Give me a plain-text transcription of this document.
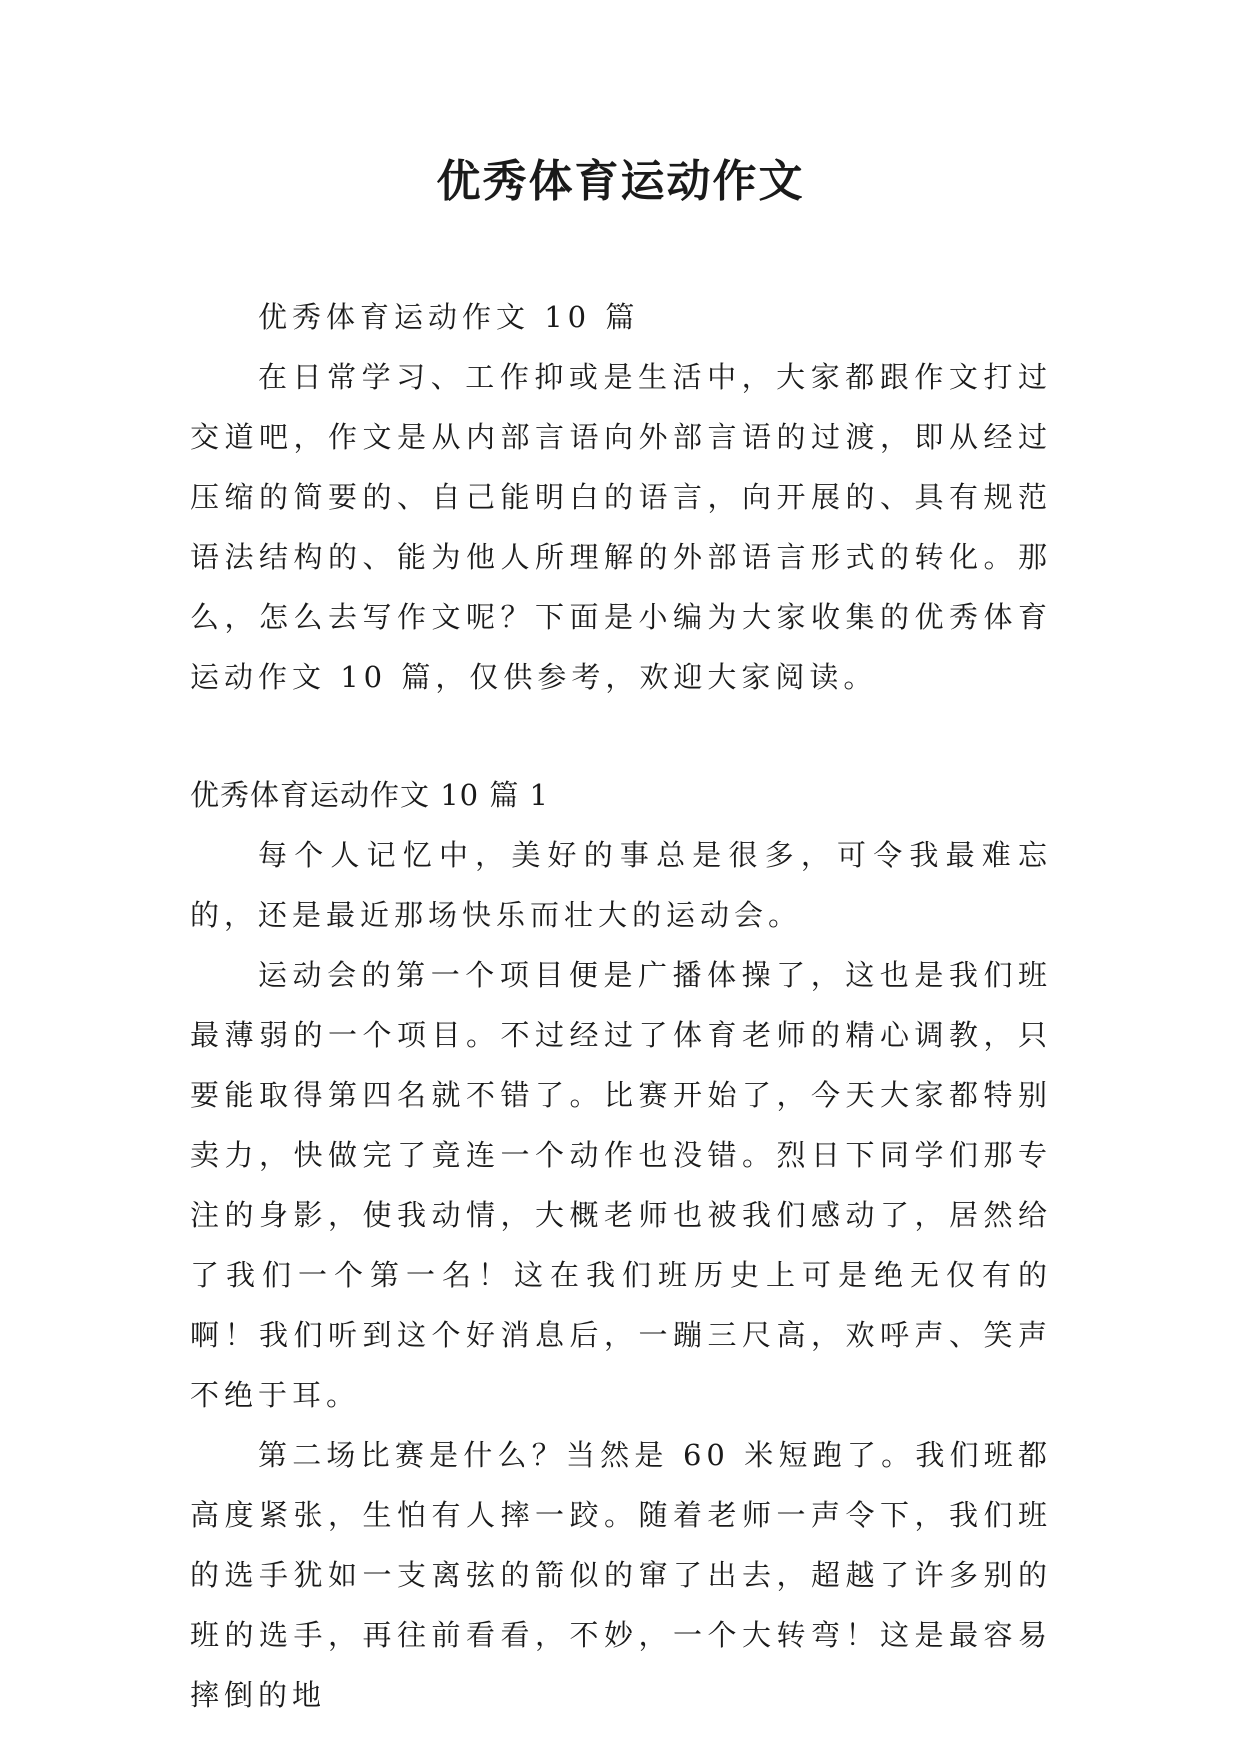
优秀体育运动作文

优秀体育运动作文 10 篇

在日常学习、工作抑或是生活中，大家都跟作文打过交道吧，作文是从内部言语向外部言语的过渡，即从经过压缩的简要的、自己能明白的语言，向开展的、具有规范语法结构的、能为他人所理解的外部语言形式的转化。那么，怎么去写作文呢？下面是小编为大家收集的优秀体育运动作文 10 篇，仅供参考，欢迎大家阅读。

优秀体育运动作文 10 篇 1

每个人记忆中，美好的事总是很多，可令我最难忘的，还是最近那场快乐而壮大的运动会。

运动会的第一个项目便是广播体操了，这也是我们班最薄弱的一个项目。不过经过了体育老师的精心调教，只要能取得第四名就不错了。比赛开始了，今天大家都特别卖力，快做完了竟连一个动作也没错。烈日下同学们那专注的身影，使我动情，大概老师也被我们感动了，居然给了我们一个第一名！这在我们班历史上可是绝无仅有的啊！我们听到这个好消息后，一蹦三尺高，欢呼声、笑声不绝于耳。

第二场比赛是什么？当然是 60 米短跑了。我们班都高度紧张，生怕有人摔一跤。随着老师一声令下，我们班的选手犹如一支离弦的箭似的窜了出去，超越了许多别的班的选手，再往前看看，不妙，一个大转弯！这是最容易摔倒的地
